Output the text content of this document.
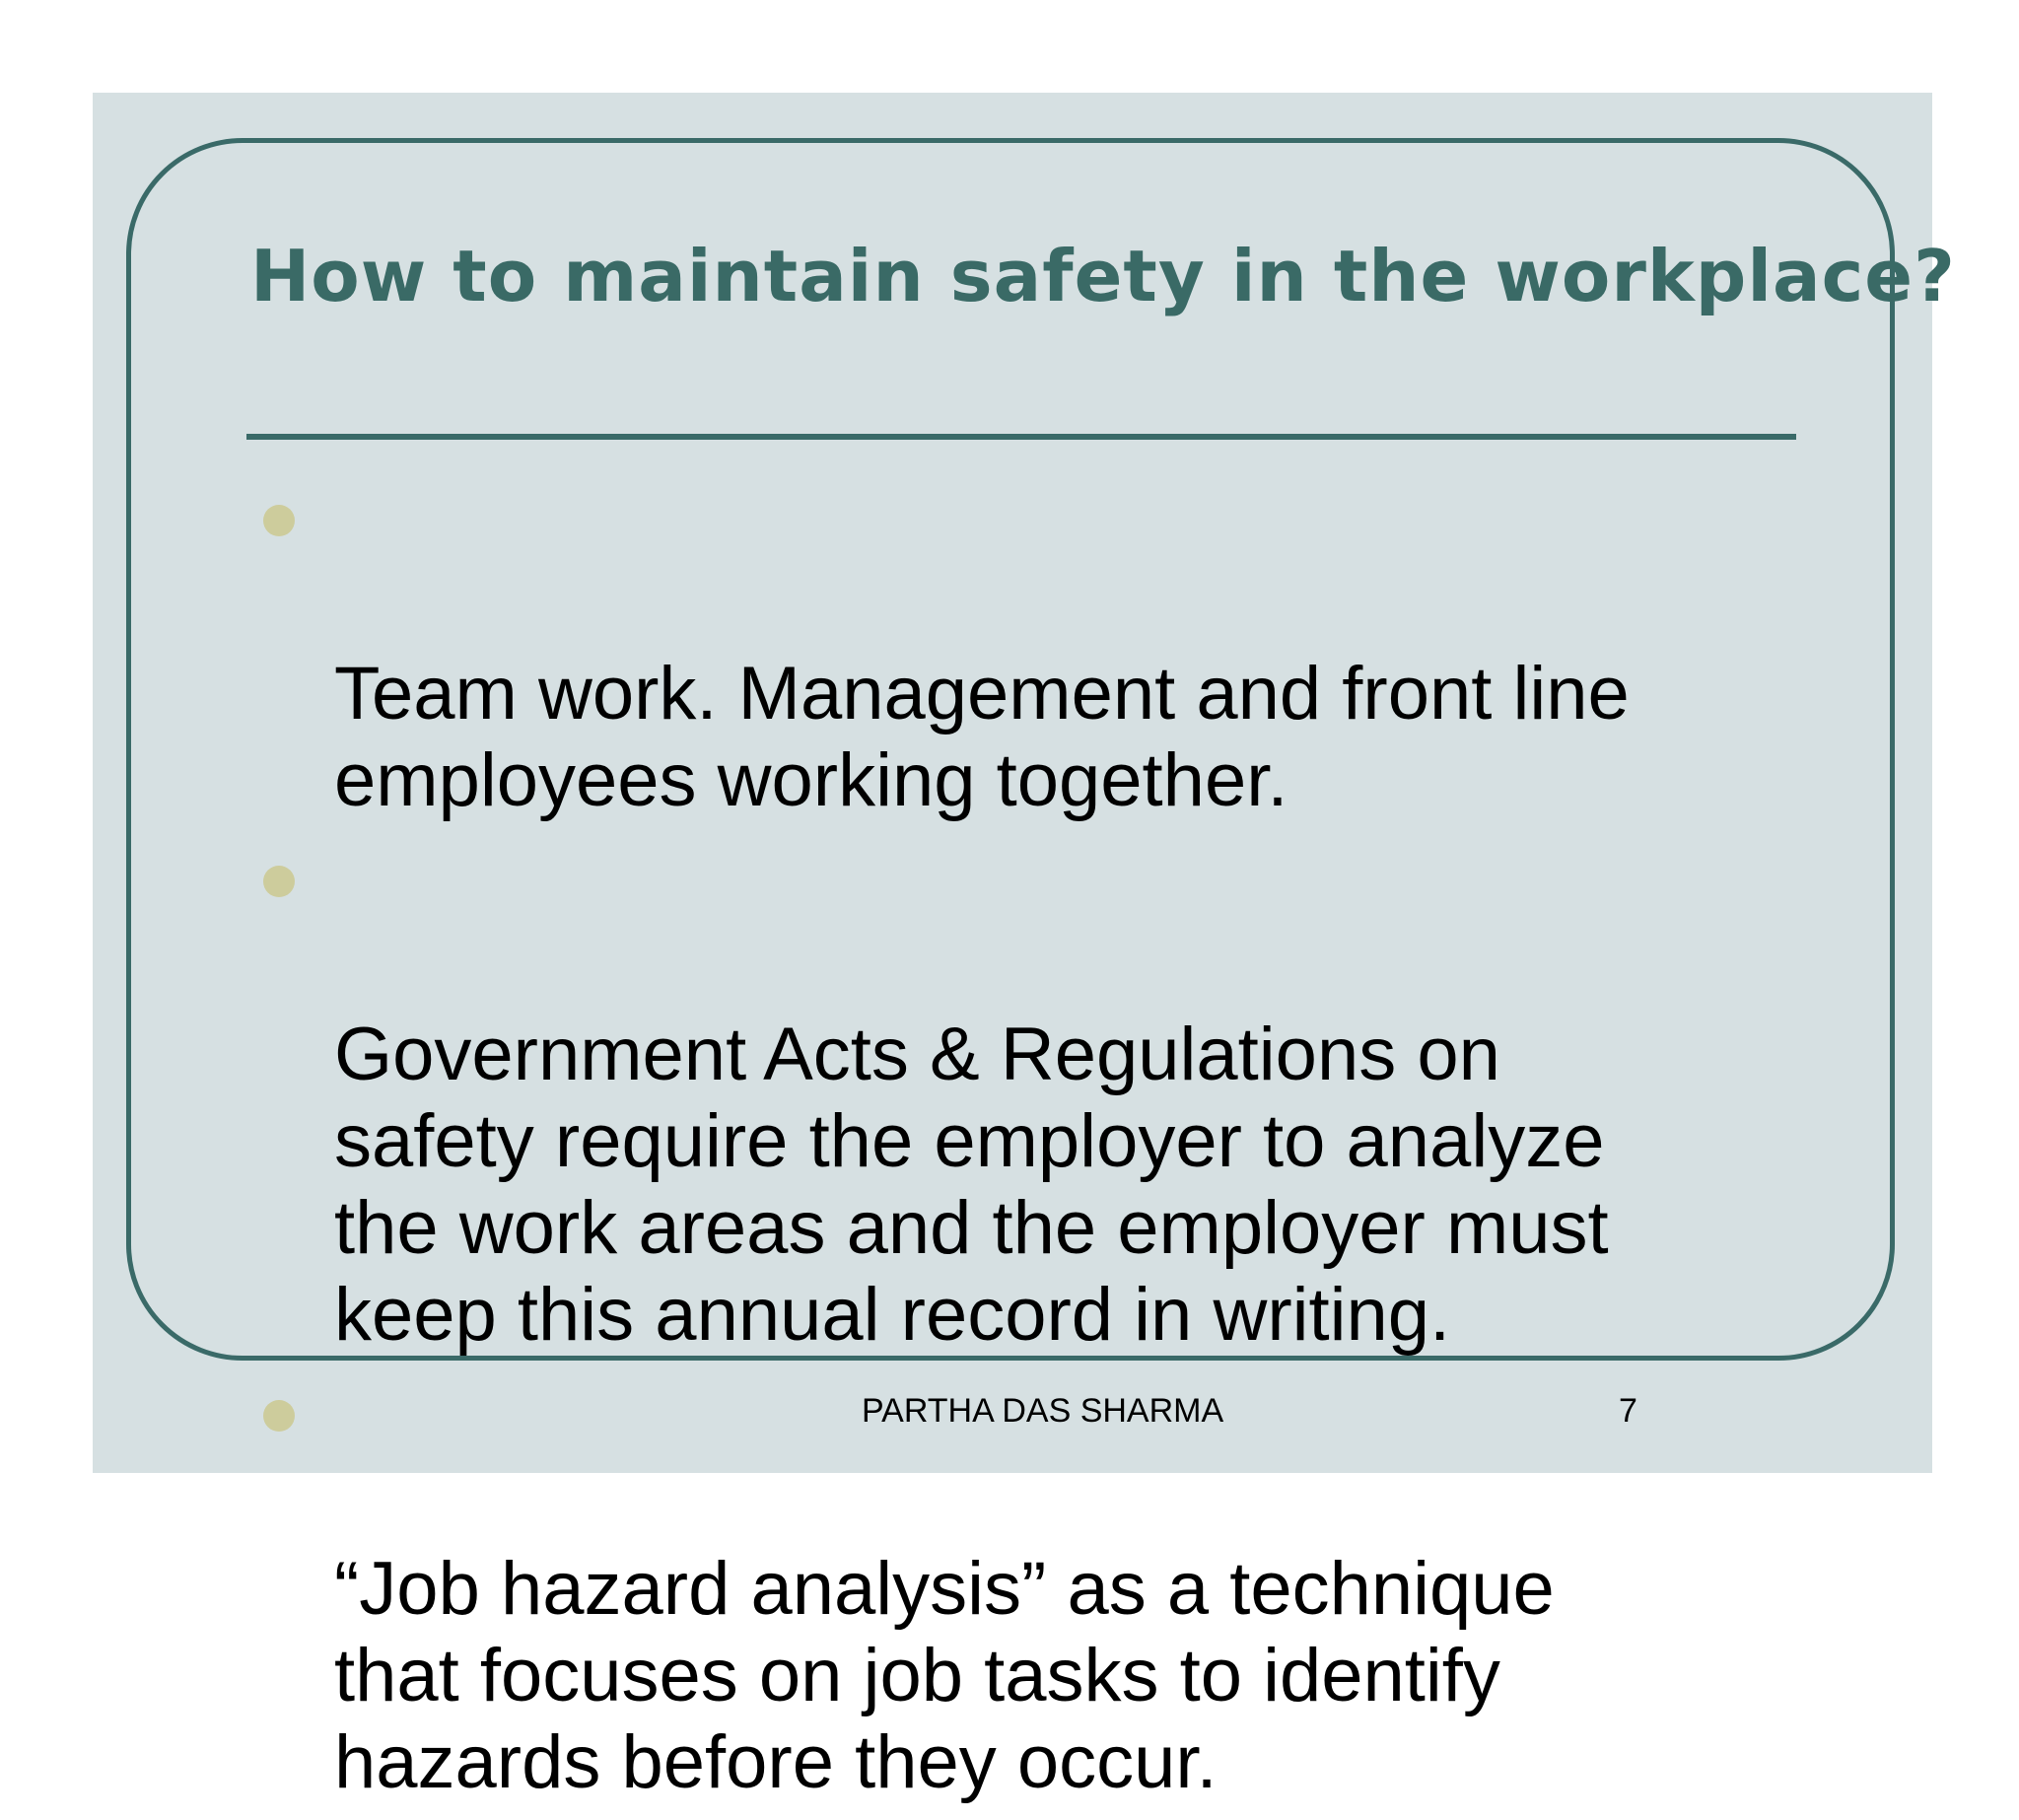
How to maintain safety in the workplace?

Team work. Management and front line
employees working together.

Government Acts & Regulations on
safety require the employer to analyze
the work areas and the employer must
keep this annual record in writing.

“Job hazard analysis” as a technique
that focuses on job tasks to identify
hazards before they occur.

PARTHA DAS SHARMA	7
